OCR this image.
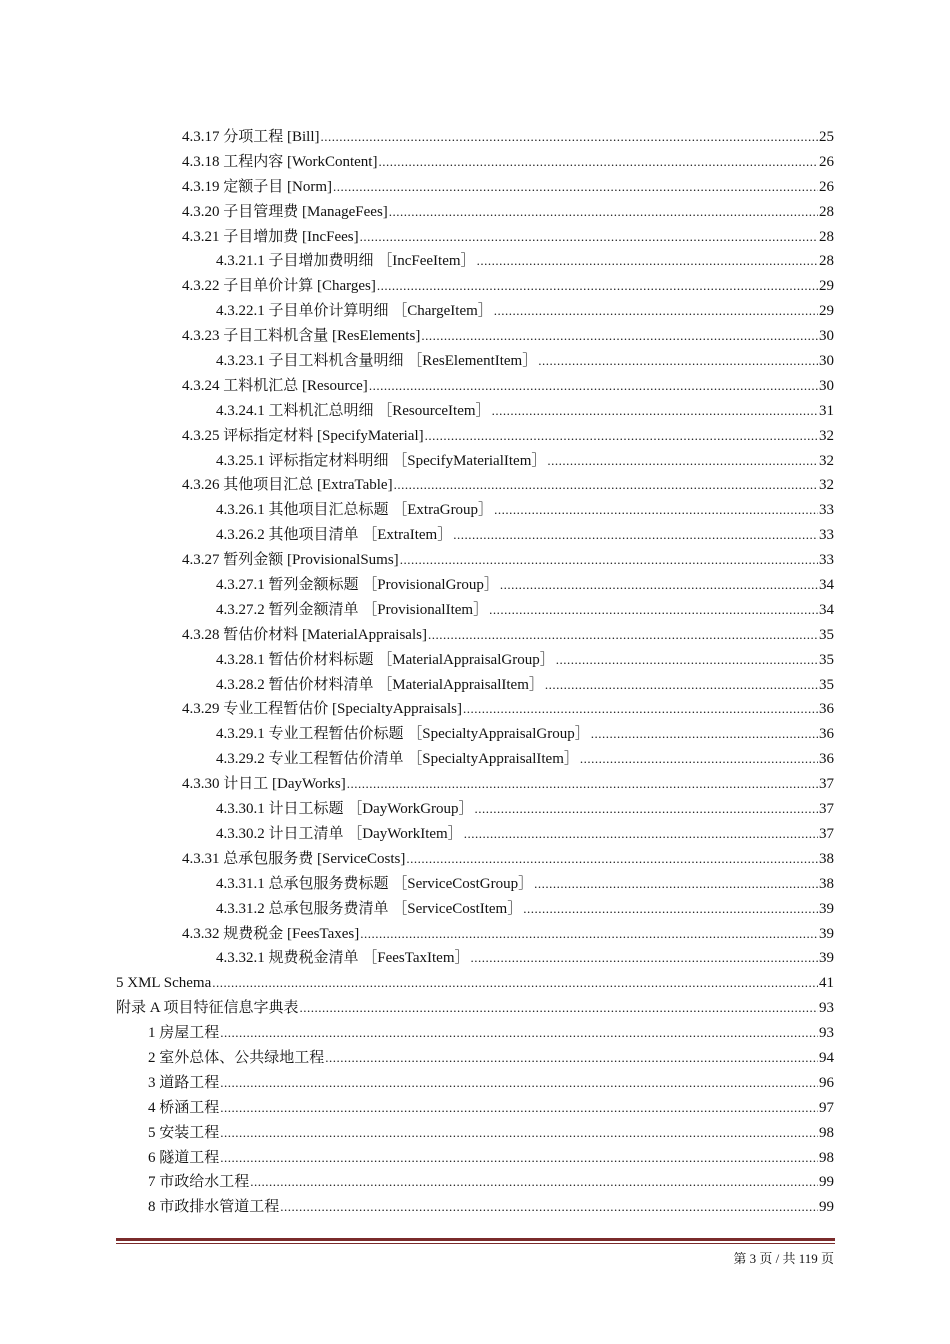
4.3.17 分项工程 [Bill] .....	25
4.3.18 工程内容 [WorkContent] .....	26
4.3.19 定额子目 [Norm] .....	26
4.3.20 子目管理费 [ManageFees] .....	28
4.3.21 子目增加费 [IncFees] .....	28
4.3.21.1 子目增加费明细 ［IncFeeItem］ .....	28
4.3.22 子目单价计算 [Charges] .....	29
4.3.22.1 子目单价计算明细 ［ChargeItem］ .....	29
4.3.23 子目工料机含量 [ResElements] .....	30
4.3.23.1 子目工料机含量明细 ［ResElementItem］ .....	30
4.3.24 工料机汇总 [Resource] .....	30
4.3.24.1 工料机汇总明细 ［ResourceItem］ .....	31
4.3.25 评标指定材料 [SpecifyMaterial] .....	32
4.3.25.1 评标指定材料明细 ［SpecifyMaterialItem］ .....	32
4.3.26 其他项目汇总 [ExtraTable] .....	32
4.3.26.1 其他项目汇总标题 ［ExtraGroup］ .....	33
4.3.26.2 其他项目清单 ［ExtraItem］ .....	33
4.3.27 暂列金额 [ProvisionalSums] .....	33
4.3.27.1 暂列金额标题 ［ProvisionalGroup］ .....	34
4.3.27.2 暂列金额清单 ［ProvisionalItem］ .....	34
4.3.28 暂估价材料 [MaterialAppraisals] .....	35
4.3.28.1 暂估价材料标题 ［MaterialAppraisalGroup］ .....	35
4.3.28.2 暂估价材料清单 ［MaterialAppraisalItem］ .....	35
4.3.29 专业工程暂估价 [SpecialtyAppraisals] .....	36
4.3.29.1 专业工程暂估价标题 ［SpecialtyAppraisalGroup］ .....	36
4.3.29.2 专业工程暂估价清单 ［SpecialtyAppraisalItem］ .....	36
4.3.30 计日工 [DayWorks] .....	37
4.3.30.1 计日工标题 ［DayWorkGroup］ .....	37
4.3.30.2 计日工清单 ［DayWorkItem］ .....	37
4.3.31 总承包服务费 [ServiceCosts] .....	38
4.3.31.1 总承包服务费标题 ［ServiceCostGroup］ .....	38
4.3.31.2 总承包服务费清单 ［ServiceCostItem］ .....	39
4.3.32 规费税金 [FeesTaxes] .....	39
4.3.32.1 规费税金清单 ［FeesTaxItem］ .....	39
5 XML Schema .....	41
附录 A 项目特征信息字典表 .....	93
1 房屋工程 .....	93
2 室外总体、公共绿地工程 .....	94
3 道路工程 .....	96
4 桥涵工程 .....	97
5 安装工程 .....	98
6 隧道工程 .....	98
7 市政给水工程 .....	99
8 市政排水管道工程 .....	99
第 3 页 / 共 119 页
